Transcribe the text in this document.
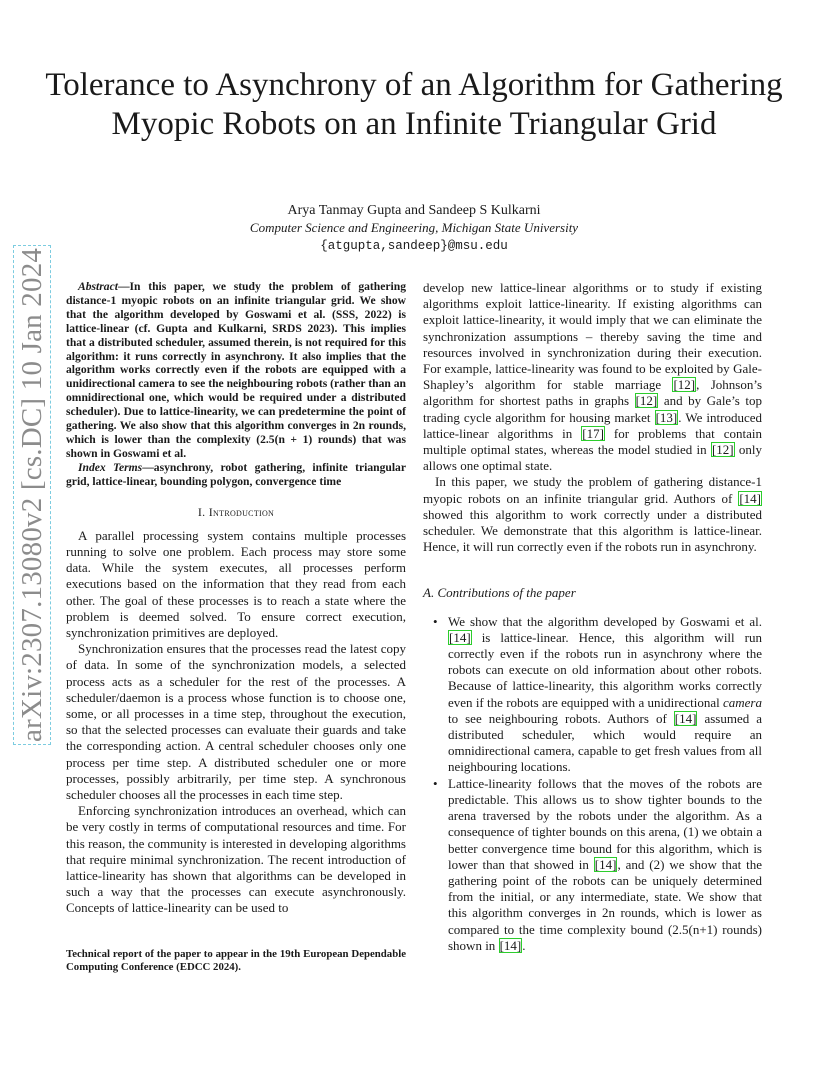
arXiv:2307.13080v2 [cs.DC] 10 Jan 2024
Tolerance to Asynchrony of an Algorithm for Gathering Myopic Robots on an Infinite Triangular Grid
Arya Tanmay Gupta and Sandeep S Kulkarni
Computer Science and Engineering, Michigan State University
{atgupta,sandeep}@msu.edu

Abstract—In this paper, we study the problem of gathering distance-1 myopic robots on an infinite triangular grid. We show that the algorithm developed by Goswami et al. (SSS, 2022) is lattice-linear (cf. Gupta and Kulkarni, SRDS 2023). This implies that a distributed scheduler, assumed therein, is not required for this algorithm: it runs correctly in asynchrony. It also implies that the algorithm works correctly even if the robots are equipped with a unidirectional camera to see the neighbouring robots (rather than an omnidirectional one, which would be required under a distributed scheduler). Due to lattice-linearity, we can predetermine the point of gathering. We also show that this algorithm converges in 2n rounds, which is lower than the complexity (2.5(n + 1) rounds) that was shown in Goswami et al.

Index Terms—asynchrony, robot gathering, infinite triangular grid, lattice-linear, bounding polygon, convergence time

I. Introduction

A parallel processing system contains multiple processes running to solve one problem. Each process may store some data. While the system executes, all processes perform executions based on the information that they read from each other. The goal of these processes is to reach a state where the problem is deemed solved. To ensure correct execution, synchronization primitives are deployed.

Synchronization ensures that the processes read the latest copy of data. In some of the synchronization models, a selected process acts as a scheduler for the rest of the processes. A scheduler/daemon is a process whose function is to choose one, some, or all processes in a time step, throughout the execution, so that the selected processes can evaluate their guards and take the corresponding action. A central scheduler chooses only one process per time step. A distributed scheduler one or more processes, possibly arbitrarily, per time step. A synchronous scheduler chooses all the processes in each time step.

Enforcing synchronization introduces an overhead, which can be very costly in terms of computational resources and time. For this reason, the community is interested in developing algorithms that require minimal synchronization. The recent introduction of lattice-linearity has shown that algorithms can be developed in such a way that the processes can execute asynchronously. Concepts of lattice-linearity can be used to

develop new lattice-linear algorithms or to study if existing algorithms exploit lattice-linearity. If existing algorithms can exploit lattice-linearity, it would imply that we can eliminate the synchronization assumptions – thereby saving the time and resources involved in synchronization during their execution. For example, lattice-linearity was found to be exploited by Gale-Shapley’s algorithm for stable marriage [12], Johnson’s algorithm for shortest paths in graphs [12] and by Gale’s top trading cycle algorithm for housing market [13]. We introduced lattice-linear algorithms in [17] for problems that contain multiple optimal states, whereas the model studied in [12] only allows one optimal state.

In this paper, we study the problem of gathering distance-1 myopic robots on an infinite triangular grid. Authors of [14] showed this algorithm to work correctly under a distributed scheduler. We demonstrate that this algorithm is lattice-linear. Hence, it will run correctly even if the robots run in asynchrony.

A. Contributions of the paper
• We show that the algorithm developed by Goswami et al. [14] is lattice-linear. Hence, this algorithm will run correctly even if the robots run in asynchrony where the robots can execute on old information about other robots. Because of lattice-linearity, this algorithm works correctly even if the robots are equipped with a unidirectional camera to see neighbouring robots. Authors of [14] assumed a distributed scheduler, which would require an omnidirectional camera, capable to get fresh values from all neighbouring locations.
• Lattice-linearity follows that the moves of the robots are predictable. This allows us to show tighter bounds to the arena traversed by the robots under the algorithm. As a consequence of tighter bounds on this arena, (1) we obtain a better convergence time bound for this algorithm, which is lower than that showed in [14], and (2) we show that the gathering point of the robots can be uniquely determined from the initial, or any intermediate, state. We show that this algorithm converges in 2n rounds, which is lower as compared to the time complexity bound (2.5(n+1) rounds) shown in [14].
Technical report of the paper to appear in the 19th European Dependable Computing Conference (EDCC 2024).
